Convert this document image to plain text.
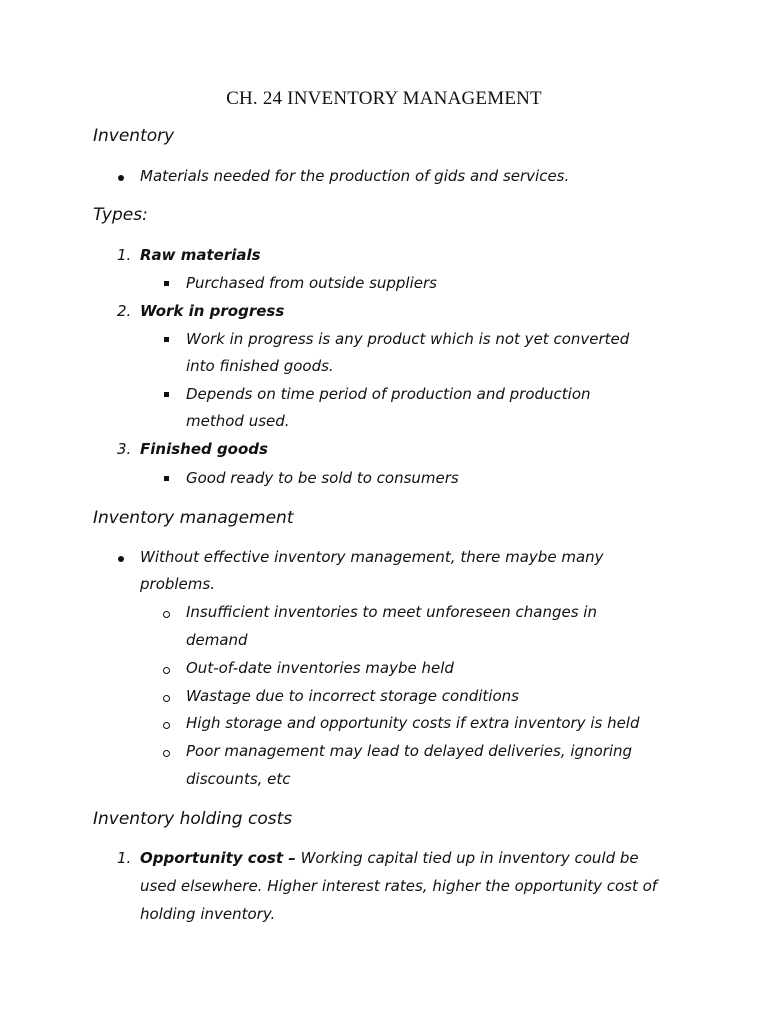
CH. 24 INVENTORY MANAGEMENT
Inventory
Materials needed for the production of gids and services.
Types:
1. Raw materials
Purchased from outside suppliers
2. Work in progress
Work in progress is any product which is not yet converted
into finished goods.
Depends on time period of production and production
method used.
3. Finished goods
Good ready to be sold to consumers
Inventory management
Without effective inventory management, there maybe many
problems.
Insufficient inventories to meet unforeseen changes in
demand
Out-of-date inventories maybe held
Wastage due to incorrect storage conditions
High storage and opportunity costs if extra inventory is held
Poor management may lead to delayed deliveries, ignoring
discounts, etc
Inventory holding costs
1. Opportunity cost – Working capital tied up in inventory could be
used elsewhere. Higher interest rates, higher the opportunity cost of
holding inventory.
